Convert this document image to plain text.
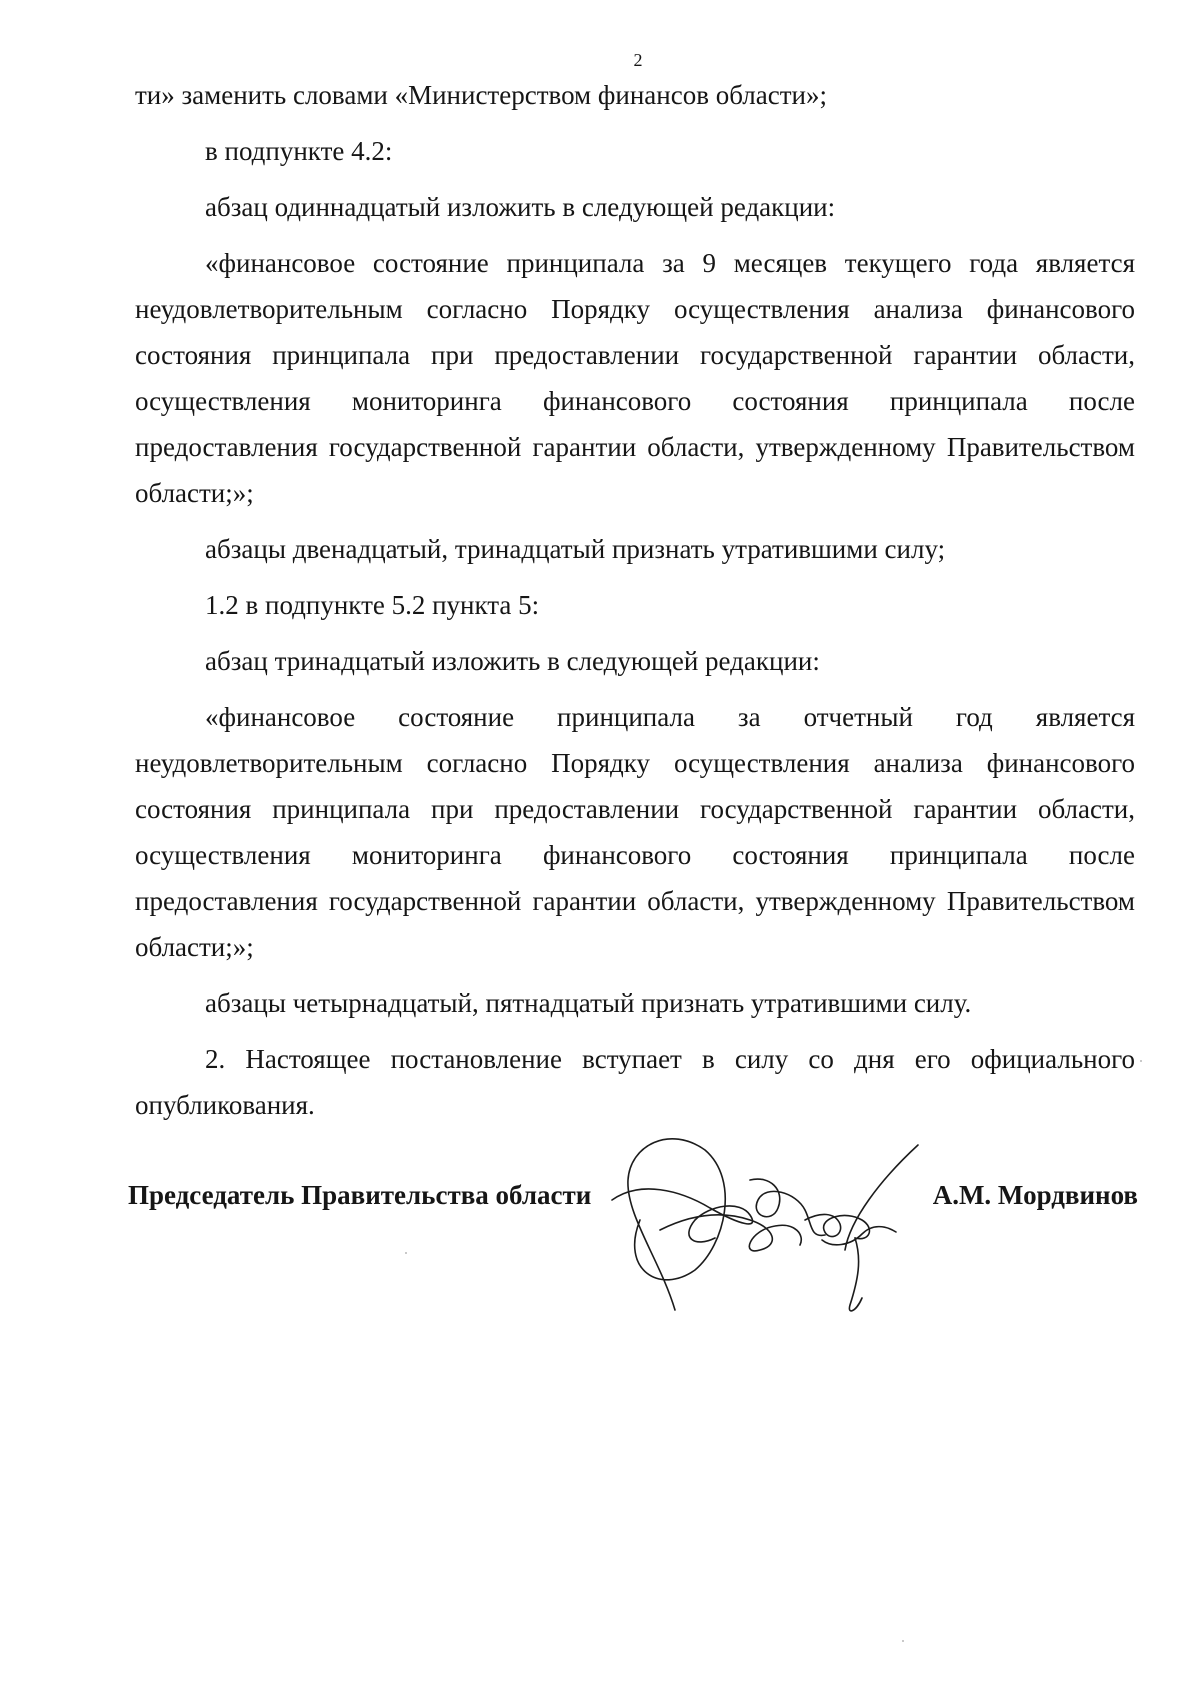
2

ти» заменить словами «Министерством финансов области»;

в подпункте 4.2:

абзац одиннадцатый изложить в следующей редакции:

«финансовое состояние принципала за 9 месяцев текущего года является неудовлетворительным согласно Порядку осуществления анализа финансового состояния принципала при предоставлении государственной гарантии области, осуществления мониторинга финансового состояния принципала после предоставления государственной гарантии области, утвержденному Правительством области;»;

абзацы двенадцатый, тринадцатый признать утратившими силу;

1.2 в подпункте 5.2 пункта 5:

абзац тринадцатый изложить в следующей редакции:

«финансовое состояние принципала за отчетный год является неудовлетворительным согласно Порядку осуществления анализа финансового состояния принципала при предоставлении государственной гарантии области, осуществления мониторинга финансового состояния принципала после предоставления государственной гарантии области, утвержденному Правительством области;»;

абзацы четырнадцатый, пятнадцатый признать утратившими силу.

2. Настоящее постановление вступает в силу со дня его официального опубликования.

Председатель Правительства области	А.М. Мордвинов
